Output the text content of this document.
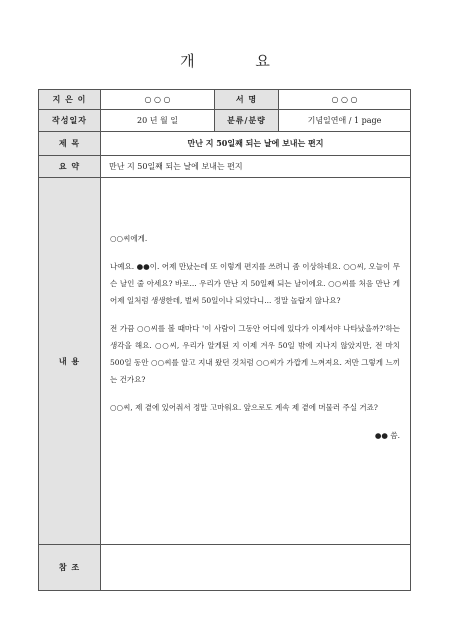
개 요
지 은 이	○ ○ ○	서 명	○ ○ ○
작성일자	20 년 월 일	분류/분량	기념일연애 / 1 page
제 목	만난 지 50일째 되는 날에 보내는 편지		
요 약	만난 지 50일째 되는 날에 보내는 편지		
내 용	○○씨에게.

나예요. ●●이. 어제 만났는데 또 이렇게 편지를 쓰려니 좀 이상하네요. ○○씨, 오늘이 무슨 날인 줄 아세요? 바로... 우리가 만난 지 50일째 되는 날이에요. ○○씨를 처음 만난 게 어제 일처럼 생생한데, 벌써 50일이나 되었다니... 정말 놀랍지 않나요?

전 가끔 ○○씨를 볼 때마다 '이 사람이 그동안 어디에 있다가 이제서야 나타났을까?'하는 생각을 해요. ○○씨, 우리가 알게된 지 이제 겨우 50일 밖에 지나지 않았지만, 전 마치 500일 동안 ○○씨를 알고 지내 왔던 것처럼 ○○씨가 가깝게 느껴져요. 저만 그렇게 느끼는 건가요?

○○씨, 제 곁에 있어줘서 정말 고마워요. 앞으로도 계속 제 곁에 머물러 주실 거죠?

●● 씀.		

참 조			
